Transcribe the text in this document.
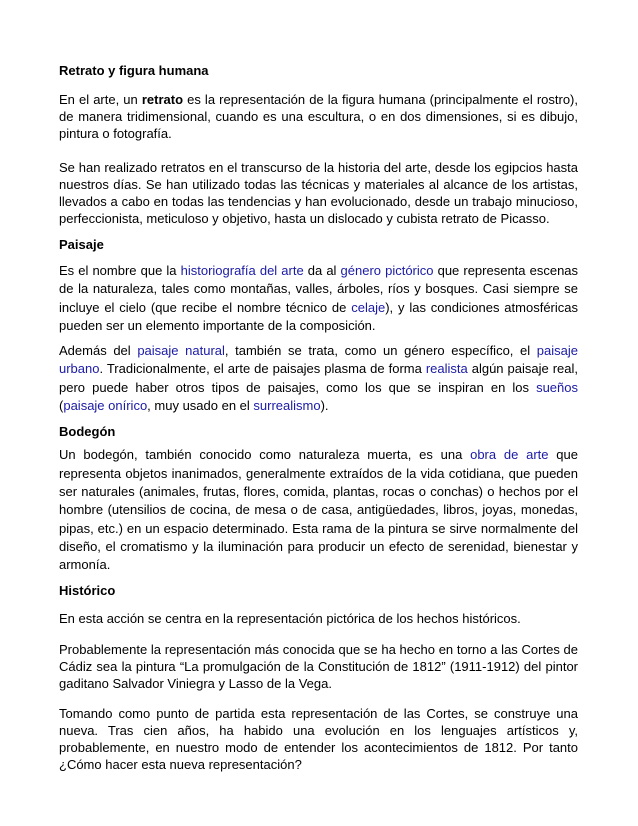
Retrato y figura humana

En el arte, un retrato es la representación de la figura humana (principalmente el rostro), de manera tridimensional, cuando es una escultura, o en dos dimensiones, si es dibujo, pintura o fotografía.

Se han realizado retratos en el transcurso de la historia del arte, desde los egipcios hasta nuestros días. Se han utilizado todas las técnicas y materiales al alcance de los artistas, llevados a cabo en todas las tendencias y han evolucionado, desde un trabajo minucioso, perfeccionista, meticuloso y objetivo, hasta un dislocado y cubista retrato de Picasso.

Paisaje

Es el nombre que la historiografía del arte da al género pictórico que representa escenas de la naturaleza, tales como montañas, valles, árboles, ríos y bosques. Casi siempre se incluye el cielo (que recibe el nombre técnico de celaje), y las condiciones atmosféricas pueden ser un elemento importante de la composición.

Además del paisaje natural, también se trata, como un género específico, el paisaje urbano. Tradicionalmente, el arte de paisajes plasma de forma realista algún paisaje real, pero puede haber otros tipos de paisajes, como los que se inspiran en los sueños (paisaje onírico, muy usado en el surrealismo).

Bodegón

Un bodegón, también conocido como naturaleza muerta, es una obra de arte que representa objetos inanimados, generalmente extraídos de la vida cotidiana, que pueden ser naturales (animales, frutas, flores, comida, plantas, rocas o conchas) o hechos por el hombre (utensilios de cocina, de mesa o de casa, antigüedades, libros, joyas, monedas, pipas, etc.) en un espacio determinado. Esta rama de la pintura se sirve normalmente del diseño, el cromatismo y la iluminación para producir un efecto de serenidad, bienestar y armonía.

Histórico

En esta acción se centra en la representación pictórica de los hechos históricos.

Probablemente la representación más conocida que se ha hecho en torno a las Cortes de Cádiz sea la pintura “La promulgación de la Constitución de 1812” (1911-1912) del pintor gaditano Salvador Viniegra y Lasso de la Vega.

Tomando como punto de partida esta representación de las Cortes, se construye una nueva. Tras cien años, ha habido una evolución en los lenguajes artísticos y, probablemente, en nuestro modo de entender los acontecimientos de 1812. Por tanto ¿Cómo hacer esta nueva representación?
